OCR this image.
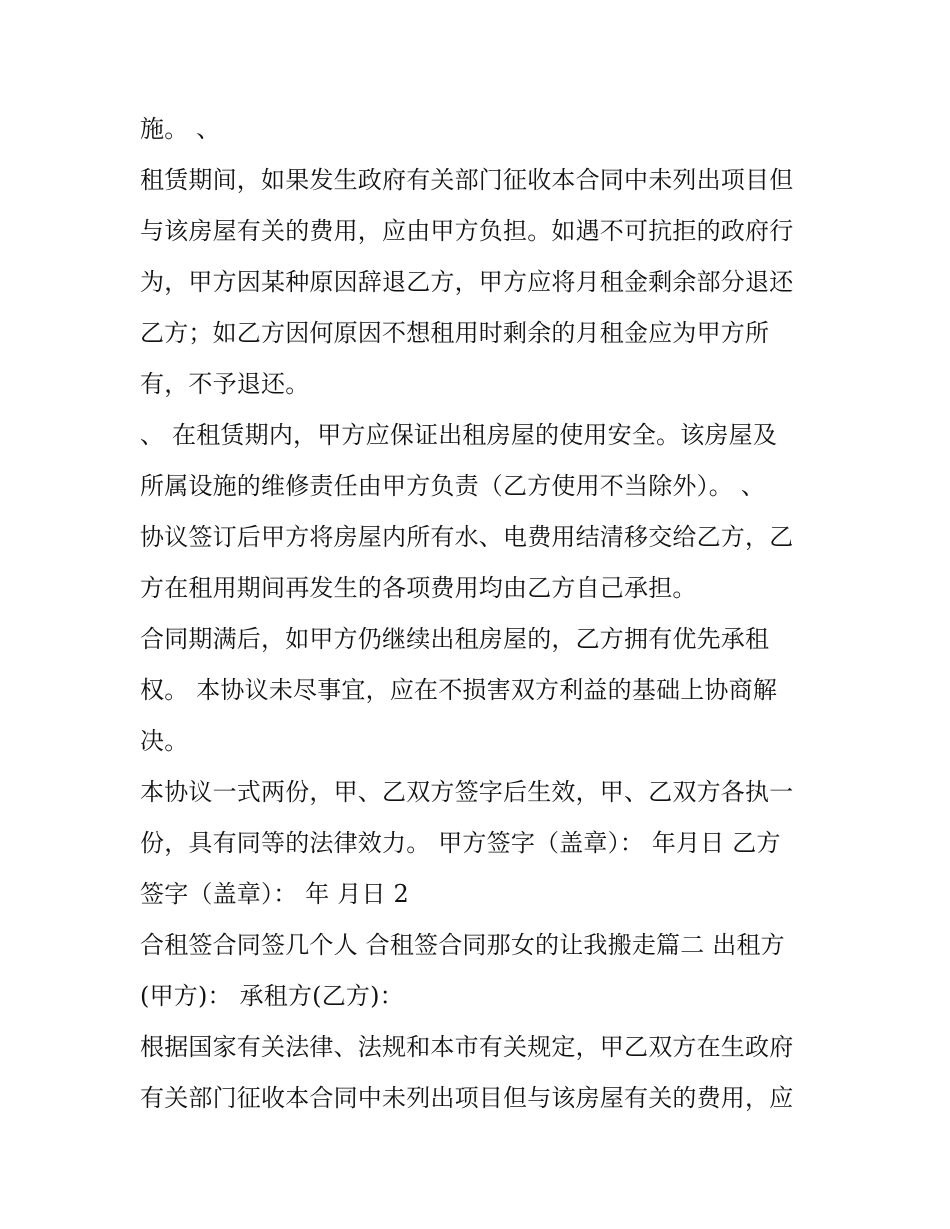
施。 、
租赁期间，如果发生政府有关部门征收本合同中未列出项目但
与该房屋有关的费用，应由甲方负担。如遇不可抗拒的政府行
为，甲方因某种原因辞退乙方，甲方应将月租金剩余部分退还
乙方；如乙方因何原因不想租用时剩余的月租金应为甲方所
有，不予退还。
、 在租赁期内，甲方应保证出租房屋的使用安全。该房屋及
所属设施的维修责任由甲方负责（乙方使用不当除外）。 、
协议签订后甲方将房屋内所有水、电费用结清移交给乙方，乙
方在租用期间再发生的各项费用均由乙方自己承担。
合同期满后，如甲方仍继续出租房屋的，乙方拥有优先承租
权。 本协议未尽事宜，应在不损害双方利益的基础上协商解
决。
本协议一式两份，甲、乙双方签字后生效，甲、乙双方各执一
份，具有同等的法律效力。 甲方签字（盖章）： 年月日 乙方
签字（盖章）： 年 月日 2
合租签合同签几个人 合租签合同那女的让我搬走篇二 出租方
(甲方)： 承租方(乙方)：
根据国家有关法律、法规和本市有关规定，甲乙双方在生政府
有关部门征收本合同中未列出项目但与该房屋有关的费用，应
